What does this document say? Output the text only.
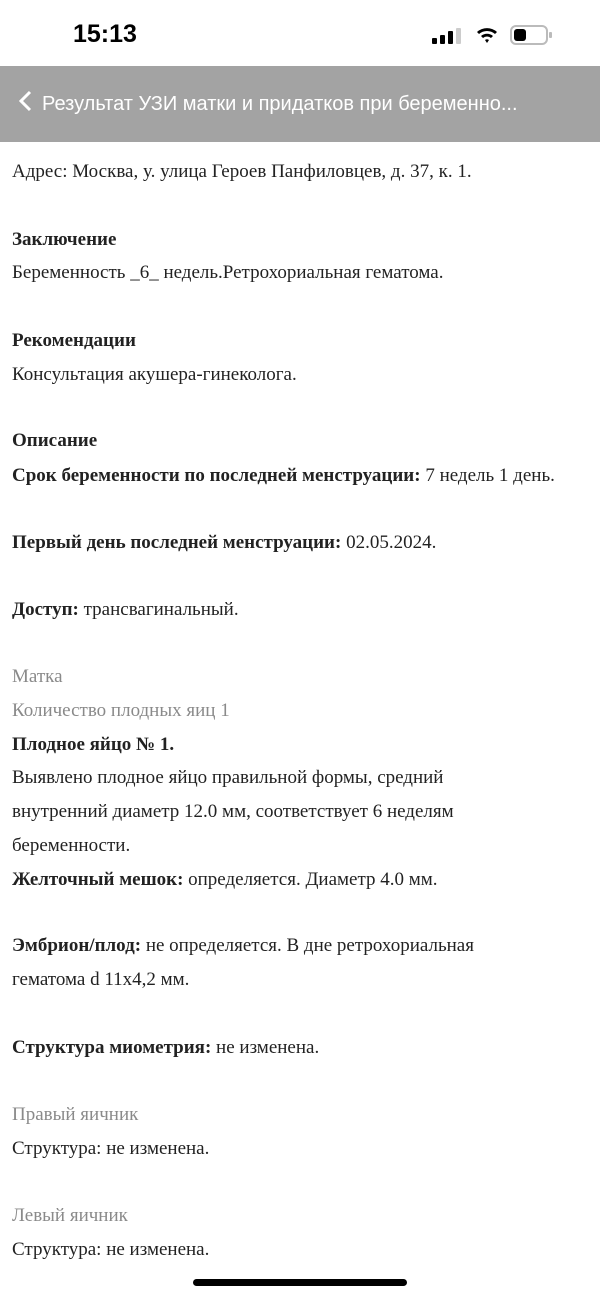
15:13
Результат УЗИ матки и придатков при беременно...
Адрес: Москва, у. улица Героев Панфиловцев, д. 37, к. 1.
Заключение
Беременность _6_ недель.Ретрохориальная гематома.
Рекомендации
Консультация акушера-гинеколога.
Описание
Срок беременности по последней менструации: 7 недель 1 день.
Первый день последней менструации: 02.05.2024.
Доступ: трансвагинальный.
Матка
Количество плодных яиц 1
Плодное яйцо № 1.
Выявлено плодное яйцо правильной формы, средний внутренний диаметр 12.0 мм, соответствует 6 неделям беременности.
Желточный мешок: определяется. Диаметр 4.0 мм.
Эмбрион/плод: не определяется. В дне ретрохориальная гематома d 11x4,2 мм.
Структура миометрия: не изменена.
Правый яичник
Структура: не изменена.
Левый яичник
Структура: не изменена.
